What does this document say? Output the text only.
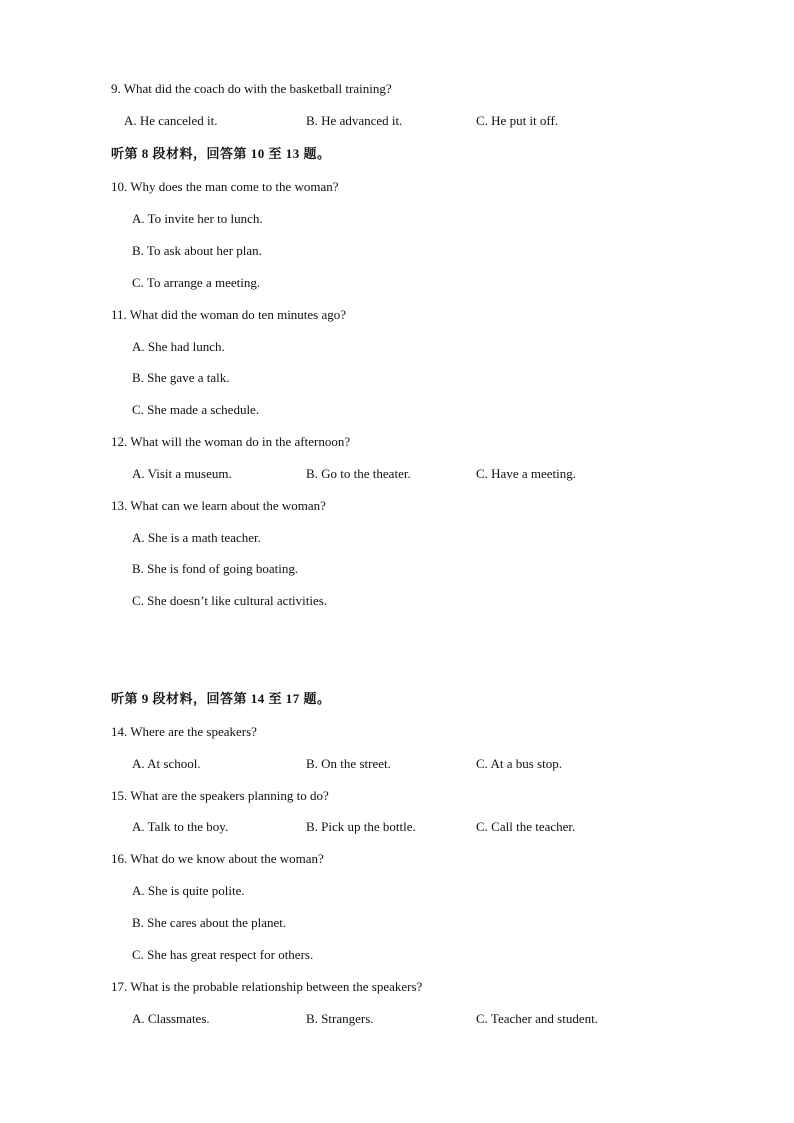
9. What did the coach do with the basketball training?
A. He canceled it.	B. He advanced it.	C. He put it off.
听第 8 段材料，回答第 10 至 13 题。
10. Why does the man come to the woman?
A. To invite her to lunch.
B. To ask about her plan.
C. To arrange a meeting.
11. What did the woman do ten minutes ago?
A. She had lunch.
B. She gave a talk.
C. She made a schedule.
12. What will the woman do in the afternoon?
A. Visit a museum.	B. Go to the theater.	C. Have a meeting.
13. What can we learn about the woman?
A. She is a math teacher.
B. She is fond of going boating.
C. She doesn’t like cultural activities.
听第 9 段材料，回答第 14 至 17 题。
14. Where are the speakers?
A. At school.	B. On the street.	C. At a bus stop.
15. What are the speakers planning to do?
A. Talk to the boy.	B. Pick up the bottle.	C. Call the teacher.
16. What do we know about the woman?
A. She is quite polite.
B. She cares about the planet.
C. She has great respect for others.
17. What is the probable relationship between the speakers?
A. Classmates.	B. Strangers.	C. Teacher and student.
